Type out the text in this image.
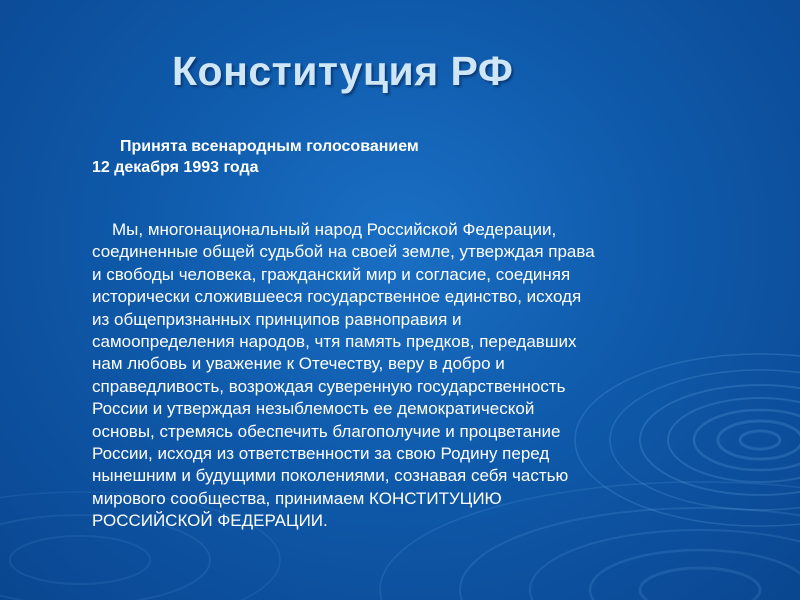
Конституция РФ

Принята всенародным голосованием
12 декабря 1993 года

Мы, многонациональный народ Российской Федерации,
соединенные общей судьбой на своей земле, утверждая права
и свободы человека, гражданский мир и согласие, соединяя
исторически сложившееся государственное единство, исходя
из общепризнанных принципов равноправия и
самоопределения народов, чтя память предков, передавших
нам любовь и уважение к Отечеству, веру в добро и
справедливость, возрождая суверенную государственность
России и утверждая незыблемость ее демократической
основы, стремясь обеспечить благополучие и процветание
России, исходя из ответственности за свою Родину перед
нынешним и будущими поколениями, сознавая себя частью
мирового сообщества, принимаем КОНСТИТУЦИЮ
РОССИЙСКОЙ ФЕДЕРАЦИИ.
